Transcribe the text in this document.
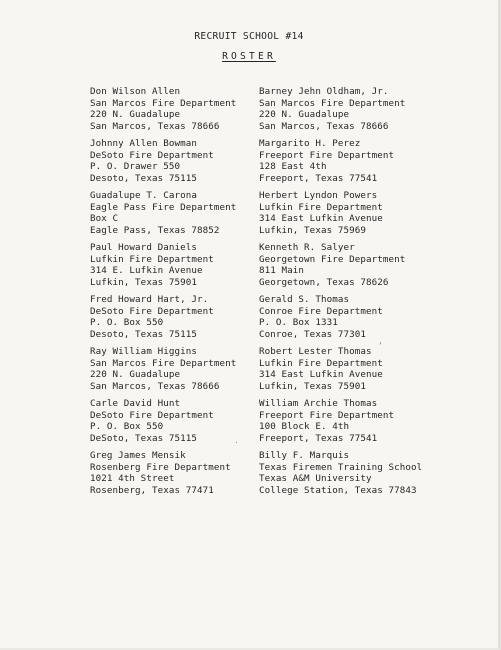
RECRUIT SCHOOL #14
ROSTER
Don Wilson Allen
San Marcos Fire Department
220 N. Guadalupe
San Marcos, Texas 78666
Johnny Allen Bowman
DeSoto Fire Department
P. O. Drawer 550
Desoto, Texas 75115
Guadalupe T. Carona
Eagle Pass Fire Department
Box C
Eagle Pass, Texas 78852
Paul Howard Daniels
Lufkin Fire Department
314 E. Lufkin Avenue
Lufkin, Texas 75901
Fred Howard Hart, Jr.
DeSoto Fire Department
P. O. Box 550
Desoto, Texas 75115
Ray William Higgins
San Marcos Fire Department
220 N. Guadalupe
San Marcos, Texas 78666
Carle David Hunt
DeSoto Fire Department
P. O. Box 550
DeSoto, Texas 75115
Greg James Mensik
Rosenberg Fire Department
1021 4th Street
Rosenberg, Texas 77471
Barney Jehn Oldham, Jr.
San Marcos Fire Department
220 N. Guadalupe
San Marcos, Texas 78666
Margarito H. Perez
Freeport Fire Department
128 East 4th
Freeport, Texas 77541
Herbert Lyndon Powers
Lufkin Fire Department
314 East Lufkin Avenue
Lufkin, Texas 75969
Kenneth R. Salyer
Georgetown Fire Department
811 Main
Georgetown, Texas 78626
Gerald S. Thomas
Conroe Fire Department
P. O. Box 1331
Conroe, Texas 77301
Robert Lester Thomas
Lufkin Fire Department
314 East Lufkin Avenue
Lufkin, Texas 75901
William Archie Thomas
Freeport Fire Department
100 Block E. 4th
Freeport, Texas 77541
Billy F. Marquis
Texas Firemen Training School
Texas A&M University
College Station, Texas 77843
·
‘
